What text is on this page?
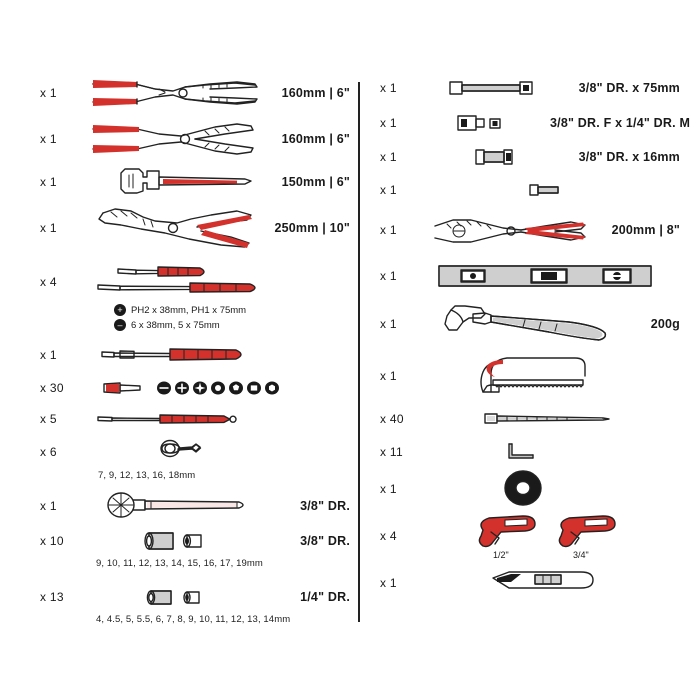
x 1	160mm | 6"
x 1	160mm | 6"
x 1	150mm | 6"
x 1	250mm | 10"
x 4
+ PH2 x 38mm, PH1 x 75mm
– 6 x 38mm, 5 x 75mm
x 1
x 30
x 5
x 6
7, 9, 12, 13, 16, 18mm
x 1	3/8" DR.
x 10	3/8" DR.
9, 10, 11, 12, 13, 14, 15, 16, 17, 19mm
x 13	1/4" DR.
4, 4.5, 5, 5.5, 6, 7, 8, 9, 10, 11, 12, 13, 14mm
x 1	3/8" DR. x 75mm
x 1	3/8" DR. F x 1/4" DR. M
x 1	3/8" DR. x 16mm
x 1
x 1	200mm | 8"
x 1
x 1	200g
x 1
x 40
x 11
x 1
x 4
1/2"	3/4"
x 1
